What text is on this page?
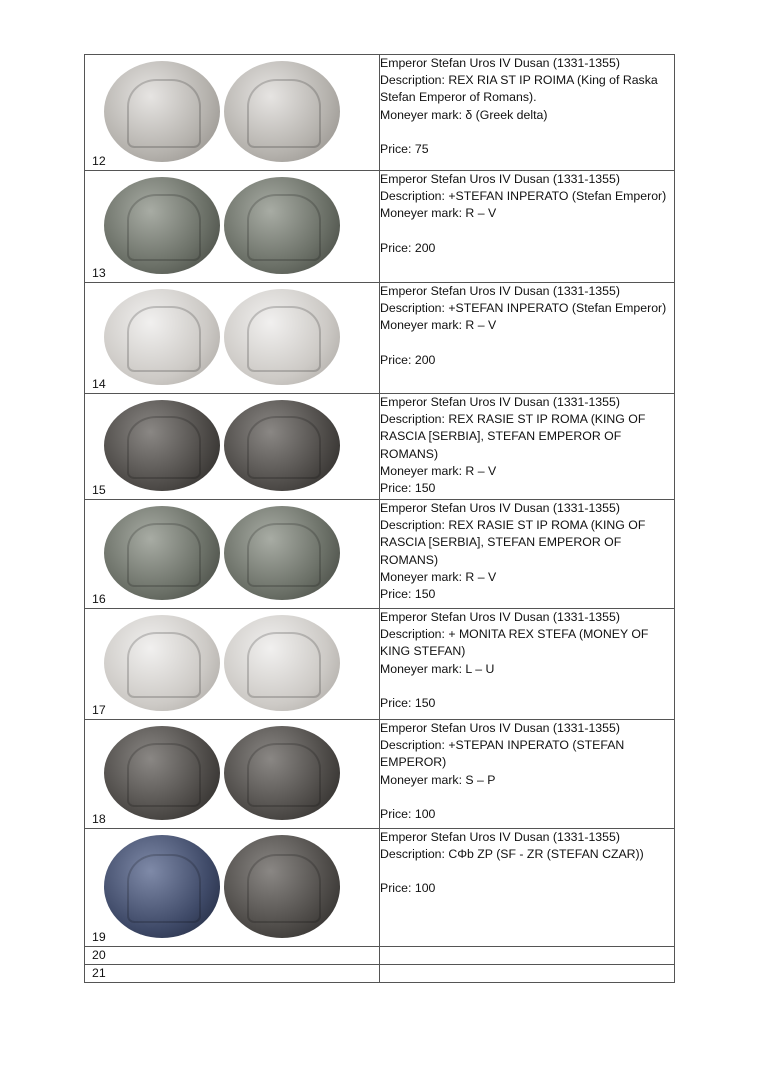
12	Emperor Stefan Uros IV Dusan (1331-1355)
Description: REX RIA ST IP ROIMA (King of Raska Stefan Emperor of Romans).
Moneyer mark: δ (Greek delta)
Price: 75

13	Emperor Stefan Uros IV Dusan (1331-1355)
Description: +STEFAN INPERATO (Stefan Emperor)
Moneyer mark: R – V
Price: 200

14	Emperor Stefan Uros IV Dusan (1331-1355)
Description: +STEFAN INPERATO (Stefan Emperor)
Moneyer mark: R – V
Price: 200

15	Emperor Stefan Uros IV Dusan (1331-1355)
Description: REX RASIE ST IP ROMA (KING OF RASCIA [SERBIA], STEFAN EMPEROR OF ROMANS)
Moneyer mark: R – V
Price: 150

16	Emperor Stefan Uros IV Dusan (1331-1355)
Description: REX RASIE ST IP ROMA (KING OF RASCIA [SERBIA], STEFAN EMPEROR OF ROMANS)
Moneyer mark: R – V
Price: 150

17	Emperor Stefan Uros IV Dusan (1331-1355)
Description: + MONITA REX STEFA (MONEY OF KING STEFAN)
Moneyer mark: L – U
Price: 150

18	Emperor Stefan Uros IV Dusan (1331-1355)
Description: +STEPAN INPERATO (STEFAN EMPEROR)
Moneyer mark: S – P
Price: 100

19	Emperor Stefan Uros IV Dusan (1331-1355)
Description: CΦb ZP (SF - ZR (STEFAN CZAR))
Price: 100

20	

21	
